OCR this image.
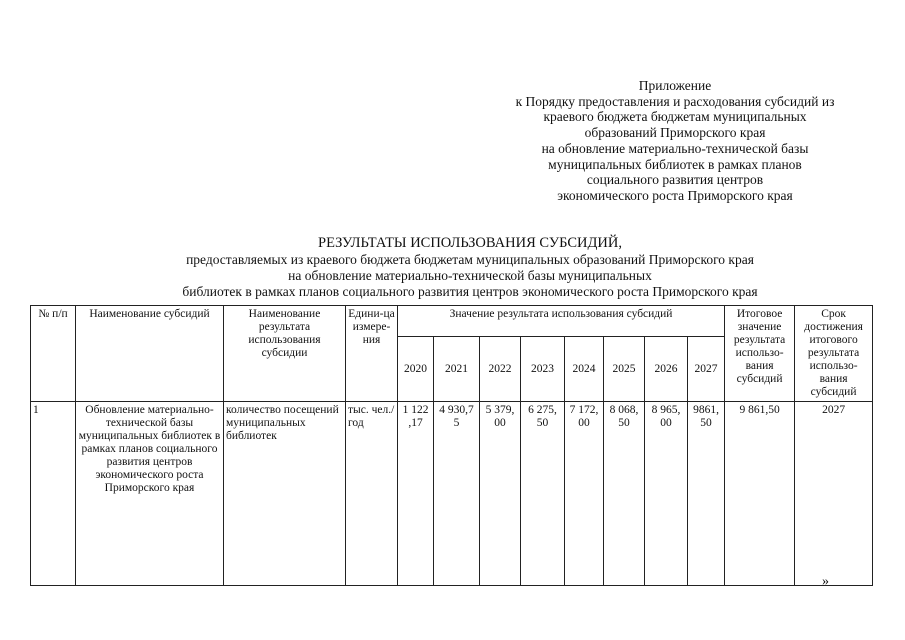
Приложение
к Порядку предоставления и расходования субсидий из
краевого бюджета бюджетам муниципальных
образований Приморского края
на обновление материально-технической базы
муниципальных библиотек в рамках планов
социального развития центров
экономического роста Приморского края
РЕЗУЛЬТАТЫ ИСПОЛЬЗОВАНИЯ СУБСИДИЙ,
предоставляемых из краевого бюджета бюджетам муниципальных образований Приморского края
на обновление материально-технической базы муниципальных
библиотек в рамках планов социального развития центров экономического роста Приморского края
№ п/п	Наименование субсидий	Наименование результата использования субсидии	Едини-ца измере-ния	Значение результата использования субсидий								Итоговое значение результата использо-вания субсидий	Срок достижения итогового результата использо-вания субсидий
				2020	2021	2022	2023	2024	2025	2026	2027		
1	Обновление материально-технической базы муниципальных библиотек в рамках планов социального развития центров экономического роста Приморского края	количество посещений муниципальных библиотек	тыс. чел./год	1 122 ,17	4 930,7 5	5 379, 00	6 275, 50	7 172, 00	8 068, 50	8 965, 00	9861, 50	9 861,50	2027
»
